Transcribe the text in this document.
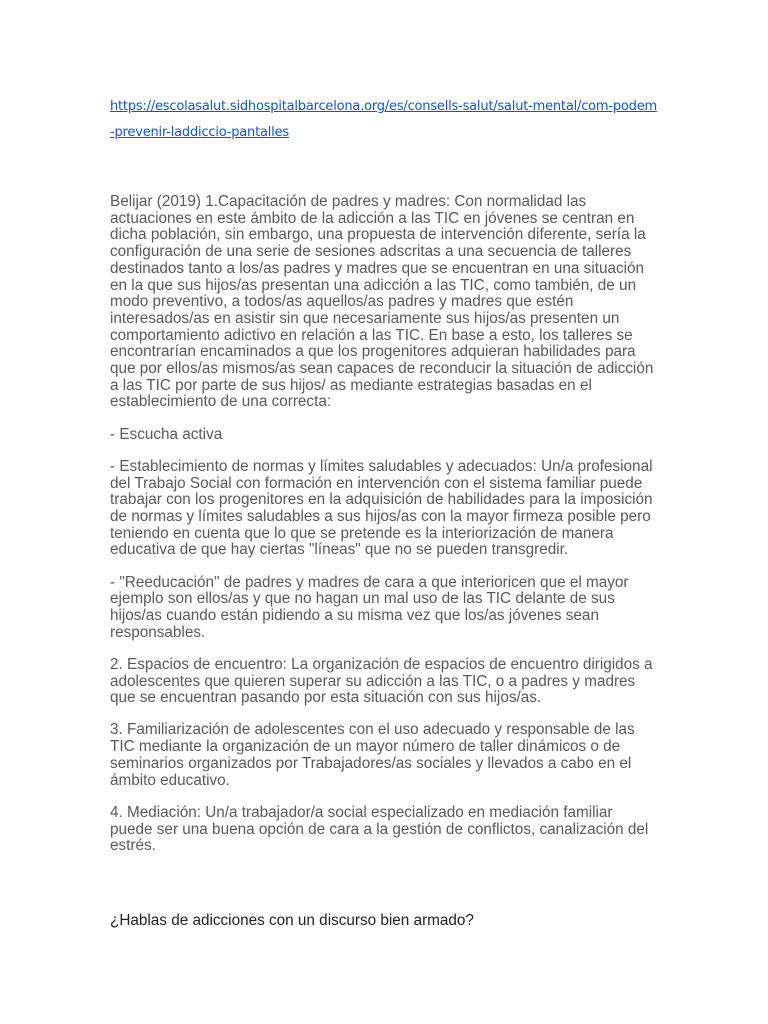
https://escolasalut.sidhospitalbarcelona.org/es/consells-salut/salut-mental/com-podem-prevenir-laddiccio-pantalles

Belijar (2019) 1.Capacitación de padres y madres: Con normalidad las actuaciones en este ámbito de la adicción a las TIC en jóvenes se centran en dicha población, sin embargo, una propuesta de intervención diferente, sería la configuración de una serie de sesiones adscritas a una secuencia de talleres destinados tanto a los/as padres y madres que se encuentran en una situación en la que sus hijos/as presentan una adicción a las TIC, como también, de un modo preventivo, a todos/as aquellos/as padres y madres que estén interesados/as en asistir sin que necesariamente sus hijos/as presenten un comportamiento adictivo en relación a las TIC. En base a esto, los talleres se encontrarían encaminados a que los progenitores adquieran habilidades para que por ellos/as mismos/as sean capaces de reconducir la situación de adicción a las TIC por parte de sus hijos/ as mediante estrategias basadas en el establecimiento de una correcta:

- Escucha activa

- Establecimiento de normas y límites saludables y adecuados: Un/a profesional del Trabajo Social con formación en intervención con el sistema familiar puede trabajar con los progenitores en la adquisición de habilidades para la imposición de normas y límites saludables a sus hijos/as con la mayor firmeza posible pero teniendo en cuenta que lo que se pretende es la interiorización de manera educativa de que hay ciertas "líneas" que no se pueden transgredir.

- "Reeducación" de padres y madres de cara a que interioricen que el mayor ejemplo son ellos/as y que no hagan un mal uso de las TIC delante de sus hijos/as cuando están pidiendo a su misma vez que los/as jóvenes sean responsables.

2. Espacios de encuentro: La organización de espacios de encuentro dirigidos a adolescentes que quieren superar su adicción a las TIC, o a padres y madres que se encuentran pasando por esta situación con sus hijos/as.

3. Familiarización de adolescentes con el uso adecuado y responsable de las TIC mediante la organización de un mayor número de taller dinámicos o de seminarios organizados por Trabajadores/as sociales y llevados a cabo en el ámbito educativo.

4. Mediación: Un/a trabajador/a social especializado en mediación familiar puede ser una buena opción de cara a la gestión de conflictos, canalización del estrés.

¿Hablas de adicciones con un discurso bien armado?
